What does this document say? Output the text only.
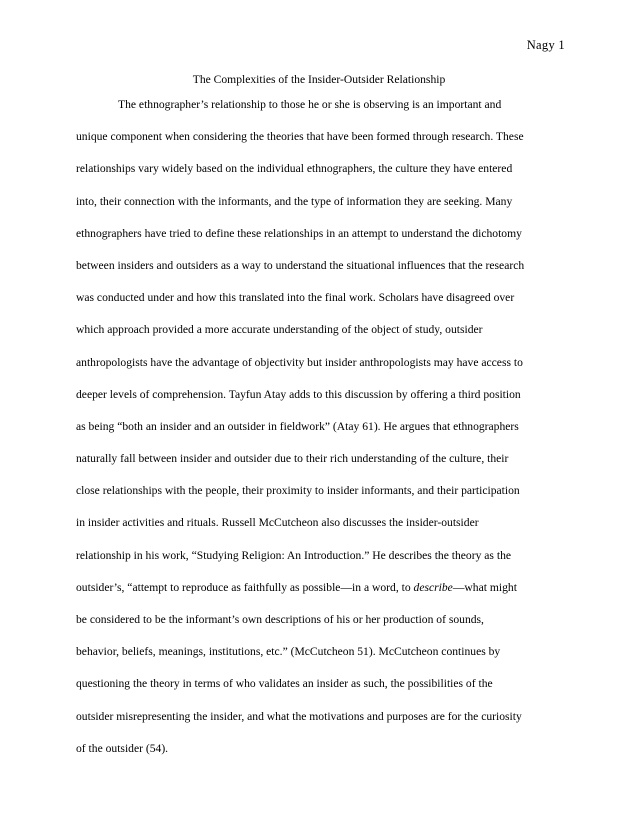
Nagy 1
The Complexities of the Insider-Outsider Relationship
The ethnographer’s relationship to those he or she is observing is an important and
unique component when considering the theories that have been formed through research. These
relationships vary widely based on the individual ethnographers, the culture they have entered
into, their connection with the informants, and the type of information they are seeking. Many
ethnographers have tried to define these relationships in an attempt to understand the dichotomy
between insiders and outsiders as a way to understand the situational influences that the research
was conducted under and how this translated into the final work. Scholars have disagreed over
which approach provided a more accurate understanding of the object of study, outsider
anthropologists have the advantage of objectivity but insider anthropologists may have access to
deeper levels of comprehension. Tayfun Atay adds to this discussion by offering a third position
as being “both an insider and an outsider in fieldwork” (Atay 61). He argues that ethnographers
naturally fall between insider and outsider due to their rich understanding of the culture, their
close relationships with the people, their proximity to insider informants, and their participation
in insider activities and rituals. Russell McCutcheon also discusses the insider-outsider
relationship in his work, “Studying Religion: An Introduction.” He describes the theory as the
outsider’s, “attempt to reproduce as faithfully as possible—in a word, to describe—what might
be considered to be the informant’s own descriptions of his or her production of sounds,
behavior, beliefs, meanings, institutions, etc.” (McCutcheon 51). McCutcheon continues by
questioning the theory in terms of who validates an insider as such, the possibilities of the
outsider misrepresenting the insider, and what the motivations and purposes are for the curiosity
of the outsider (54).
